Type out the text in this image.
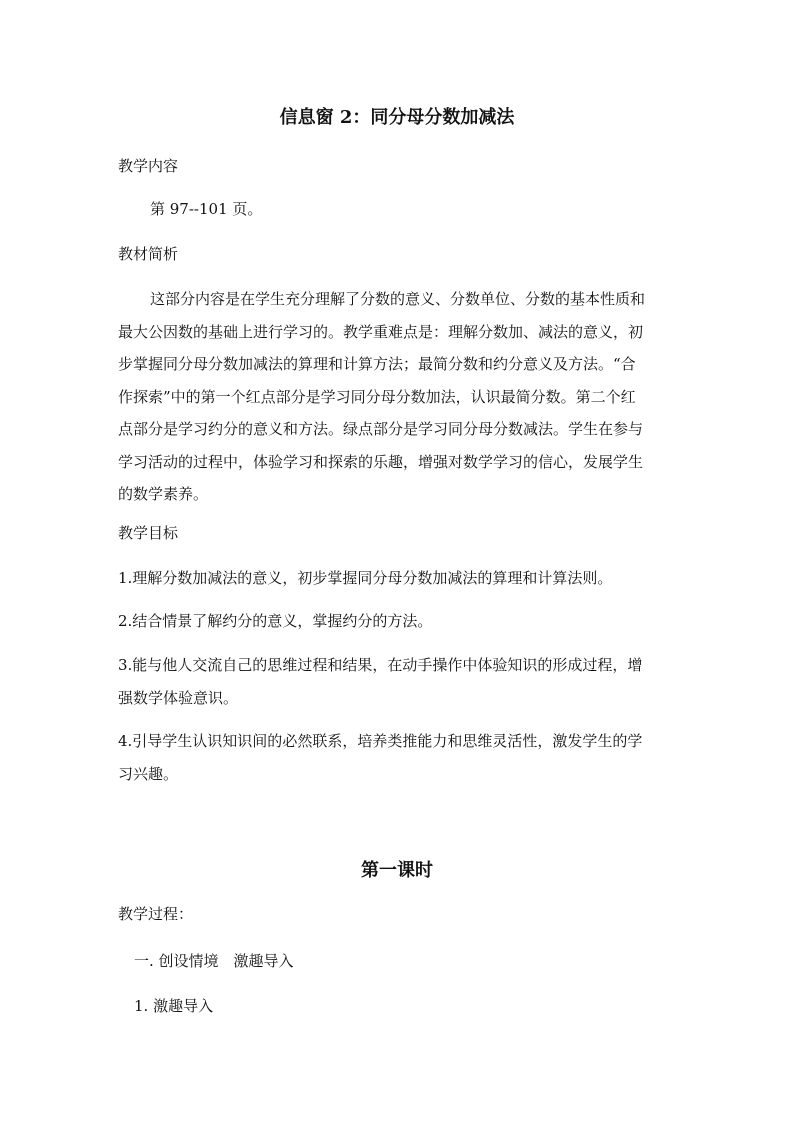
信息窗 2：同分母分数加减法

教学内容

第 97--101 页。

教材简析

这部分内容是在学生充分理解了分数的意义、分数单位、分数的基本性质和
最大公因数的基础上进行学习的。教学重难点是：理解分数加、减法的意义，初
步掌握同分母分数加减法的算理和计算方法；最简分数和约分意义及方法。“合
作探索”中的第一个红点部分是学习同分母分数加法，认识最简分数。第二个红
点部分是学习约分的意义和方法。绿点部分是学习同分母分数减法。学生在参与
学习活动的过程中，体验学习和探索的乐趣，增强对数学学习的信心，发展学生
的数学素养。

教学目标

1.理解分数加减法的意义，初步掌握同分母分数加减法的算理和计算法则。

2.结合情景了解约分的意义，掌握约分的方法。

3.能与他人交流自己的思维过程和结果，在动手操作中体验知识的形成过程，增
强数学体验意识。
4.引导学生认识知识间的必然联系，培养类推能力和思维灵活性，激发学生的学
习兴趣。
第一课时

教学过程：

一. 创设情境　激趣导入

1. 激趣导入
